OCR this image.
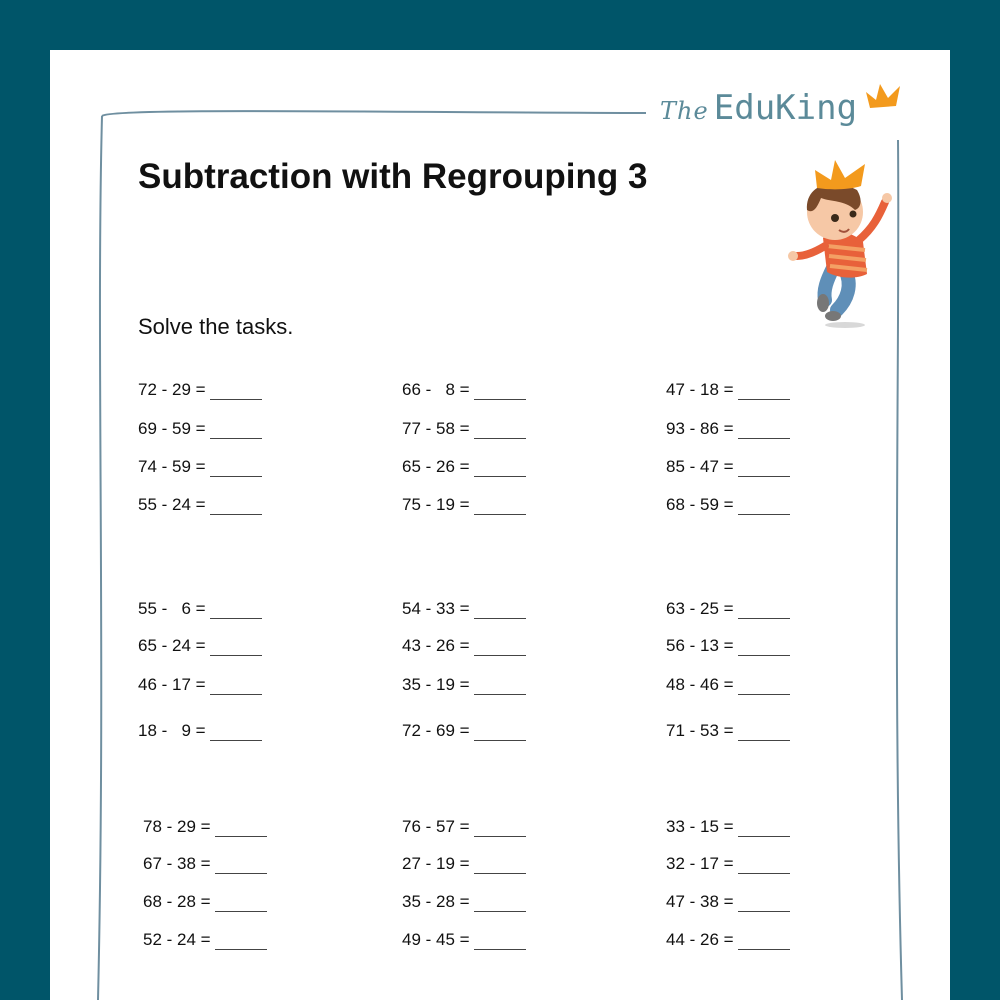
The EduKing
Subtraction with Regrouping 3
Solve the tasks.
72 - 29 =	66 -   8 =	47 - 18 =
69 - 59 =	77 - 58 =	93 - 86 =
74 - 59 =	65 - 26 =	85 - 47 =
55 - 24 =	75 - 19 =	68 - 59 =
55 -   6 =	54 - 33 =	63 - 25 =
65 - 24 =	43 - 26 =	56 - 13 =
46 - 17 =	35 - 19 =	48 - 46 =
18 -   9 =	72 - 69 =	71 - 53 =
78 - 29 =	76 - 57 =	33 - 15 =
67 - 38 =	27 - 19 =	32 - 17 =
68 - 28 =	35 - 28 =	47 - 38 =
52 - 24 =	49 - 45 =	44 - 26 =
